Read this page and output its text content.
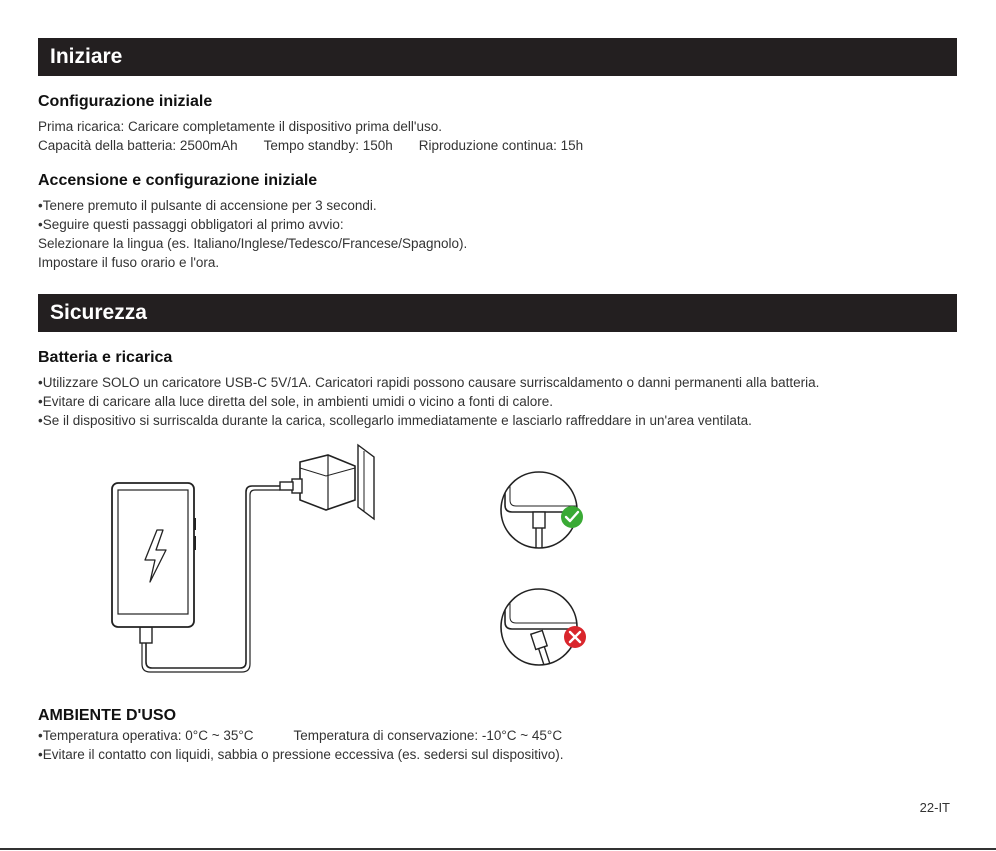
Iniziare
Configurazione iniziale
Prima ricarica: Caricare completamente il dispositivo prima dell'uso.
Capacità della batteria: 2500mAh Tempo standby: 150h Riproduzione continua: 15h
Accensione e configurazione iniziale
•Tenere premuto il pulsante di accensione per 3 secondi.
•Seguire questi passaggi obbligatori al primo avvio:
Selezionare la lingua (es. Italiano/Inglese/Tedesco/Francese/Spagnolo).
Impostare il fuso orario e l'ora.
Sicurezza
Batteria e ricarica
•Utilizzare SOLO un caricatore USB-C 5V/1A. Caricatori rapidi possono causare surriscaldamento o danni permanenti alla batteria.
•Evitare di caricare alla luce diretta del sole, in ambienti umidi o vicino a fonti di calore.
•Se il dispositivo si surriscalda durante la carica, scollegarlo immediatamente e lasciarlo raffreddare in un'area ventilata.
AMBIENTE D'USO
•Temperatura operativa: 0°C ~ 35°C	Temperatura di conservazione: -10°C ~ 45°C
•Evitare il contatto con liquidi, sabbia o pressione eccessiva (es. sedersi sul dispositivo).
22-IT
